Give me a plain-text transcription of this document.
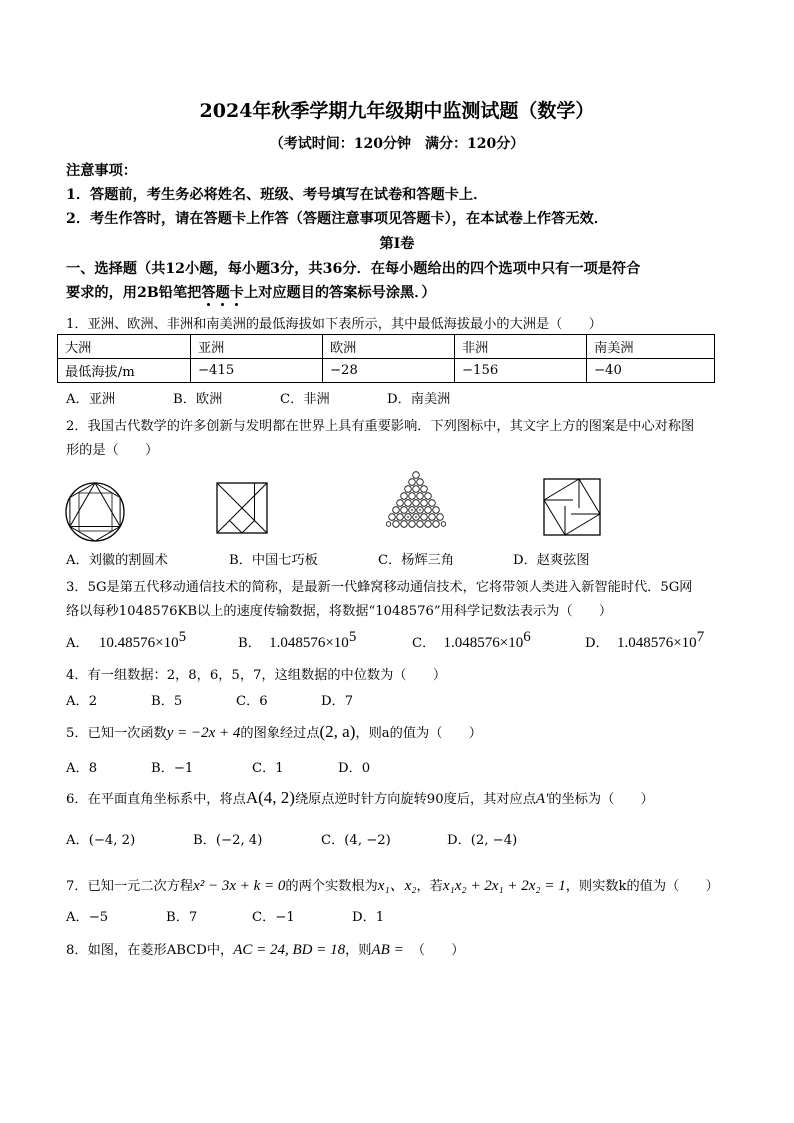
2024年秋季学期九年级期中监测试题（数学）
（考试时间：120分钟　满分：120分）
注意事项：
1．答题前，考生务必将姓名、班级、考号填写在试卷和答题卡上．
2．考生作答时，请在答题卡上作答（答题注意事项见答题卡），在本试卷上作答无效．
第Ⅰ卷
一、选择题（共12小题，每小题3分，共36分．在每小题给出的四个选项中只有一项是符合
要求的，用2B铅笔把答题卡上对应题目的答案标号涂黑．）
1．亚洲、欧洲、非洲和南美洲的最低海拔如下表所示，其中最低海拔最小的大洲是（　　）
大洲	亚洲	欧洲	非洲	南美洲
最低海拔/m	−415	−28	−156	−40
A．亚洲	B．欧洲	C．非洲	D．南美洲
2．我国古代数学的许多创新与发明都在世界上具有重要影响．下列图标中，其文字上方的图案是中心对称图
形的是（　　）
A．刘徽的割圆术	B．中国七巧板	C．杨辉三角	D．赵爽弦图
3．5G是第五代移动通信技术的简称，是最新一代蜂窝移动通信技术，它将带领人类进入新智能时代．5G网
络以每秒1048576KB以上的速度传输数据，将数据“1048576”用科学记数法表示为（　　）
A． $10.48576\times 10^5$	B． $1.048576\times 10^5$	C． $1.048576\times 10^6$	D． $1.048576\times 10^7$
4．有一组数据：2，8，6，5，7，这组数据的中位数为（　　）
A．2	B．5	C．6	D．7
5．已知一次函数y = −2x + 4的图象经过点(2, a)，则a的值为（　　）
A．8	B．−1	C．1	D．0
6．在平面直角坐标系中，将点A(4, 2)绕原点逆时针方向旋转90度后，其对应点A′的坐标为（　　）
A．(−4, 2)	B．(−2, 4)	C．(4, −2)	D．(2, −4)
7．已知一元二次方程x² − 3x + k = 0的两个实数根为x₁、x₂，若x₁x₂ + 2x₁ + 2x₂ = 1，则实数k的值为（　　）
A．−5	B．7	C．−1	D．1
8．如图，在菱形ABCD中，AC = 24, BD = 18，则AB = （　　）
